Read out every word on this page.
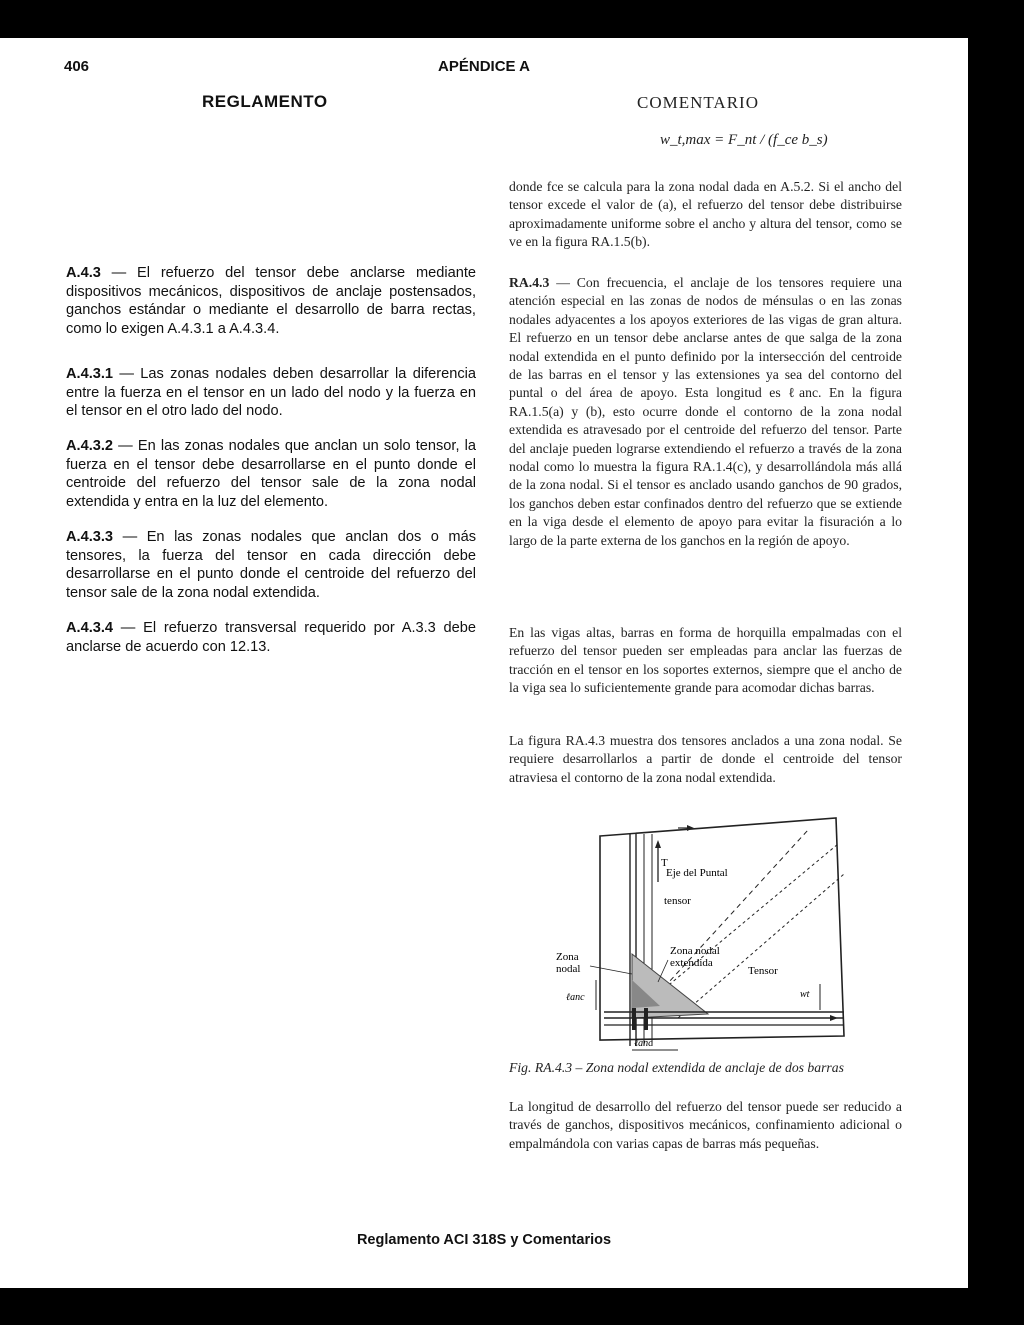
406	APÉNDICE A
REGLAMENTO	COMENTARIO
w_t,max = F_nt / (f_ce b_s)

A.4.3 — El refuerzo del tensor debe anclarse mediante dispositivos mecánicos, dispositivos de anclaje postensados, ganchos estándar o mediante el desarrollo de barra rectas, como lo exigen A.4.3.1 a A.4.3.4.

A.4.3.1 — Las zonas nodales deben desarrollar la diferencia entre la fuerza en el tensor en un lado del nodo y la fuerza en el tensor en el otro lado del nodo.

A.4.3.2 — En las zonas nodales que anclan un solo tensor, la fuerza en el tensor debe desarrollarse en el punto donde el centroide del refuerzo del tensor sale de la zona nodal extendida y entra en la luz del elemento.

A.4.3.3 — En las zonas nodales que anclan dos o más tensores, la fuerza del tensor en cada dirección debe desarrollarse en el punto donde el centroide del refuerzo del tensor sale de la zona nodal extendida.

A.4.3.4 — El refuerzo transversal requerido por A.3.3 debe anclarse de acuerdo con 12.13.

donde fce se calcula para la zona nodal dada en A.5.2. Si el ancho del tensor excede el valor de (a), el refuerzo del tensor debe distribuirse aproximadamente uniforme sobre el ancho y altura del tensor, como se ve en la figura RA.1.5(b).

RA.4.3 — Con frecuencia, el anclaje de los tensores requiere una atención especial en las zonas de nodos de ménsulas o en las zonas nodales adyacentes a los apoyos exteriores de las vigas de gran altura. El refuerzo en un tensor debe anclarse antes de que salga de la zona nodal extendida en el punto definido por la intersección del centroide de las barras en el tensor y las extensiones ya sea del contorno del puntal o del área de apoyo. Esta longitud es ℓanc. En la figura RA.1.5(a) y (b), esto ocurre donde el contorno de la zona nodal extendida es atravesado por el centroide del refuerzo del tensor. Parte del anclaje pueden lograrse extendiendo el refuerzo a través de la zona nodal como lo muestra la figura RA.1.4(c), y desarrollándola más allá de la zona nodal. Si el tensor es anclado usando ganchos de 90 grados, los ganchos deben estar confinados dentro del refuerzo que se extiende en la viga desde el elemento de apoyo para evitar la fisuración a lo largo de la parte externa de los ganchos en la región de apoyo.

En las vigas altas, barras en forma de horquilla empalmadas con el refuerzo del tensor pueden ser empleadas para anclar las fuerzas de tracción en el tensor en los soportes externos, siempre que el ancho de la viga sea lo suficientemente grande para acomodar dichas barras.

La figura RA.4.3 muestra dos tensores anclados a una zona nodal. Se requiere desarrollarlos a partir de donde el centroide del tensor atraviesa el contorno de la zona nodal extendida.

T
wt
ℓanc
ℓanc
Eje del Puntal
tensor
Zona
nodal
Zona nodal
extendida
Tensor
Fig. RA.4.3 – Zona nodal extendida de anclaje de dos barras

La longitud de desarrollo del refuerzo del tensor puede ser reducido a través de ganchos, dispositivos mecánicos, confinamiento adicional o empalmándola con varias capas de barras más pequeñas.

Reglamento ACI 318S y Comentarios
